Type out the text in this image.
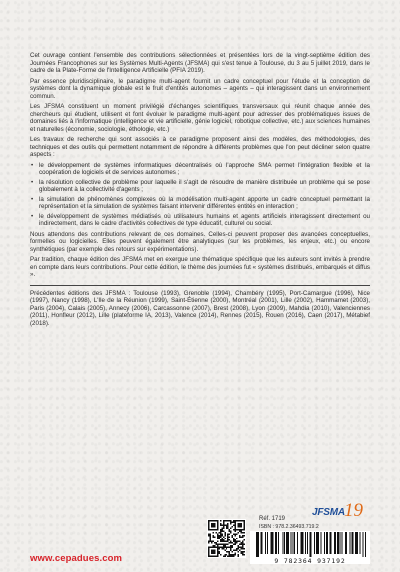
Cet ouvrage contient l'ensemble des contributions sélectionnées et présentées lors de la vingt-septième édition des Journées Francophones sur les Systèmes Multi-Agents (JFSMA) qui s'est tenue à Toulouse, du 3 au 5 juillet 2019, dans le cadre de la Plate-Forme de l'Intelligence Artificielle (PFIA 2019).

Par essence pluridisciplinaire, le paradigme multi-agent fournit un cadre conceptuel pour l'étude et la conception de systèmes dont la dynamique globale est le fruit d'entités autonomes – agents – qui interagissent dans un environnement commun.

Les JFSMA constituent un moment privilégié d'échanges scientifiques transversaux qui réunit chaque année des chercheurs qui étudient, utilisent et font évoluer le paradigme multi-agent pour adresser des problématiques issues de domaines liés à l'informatique (intelligence et vie artificielle, génie logiciel, robotique collective, etc.) aux sciences humaines et naturelles (économie, sociologie, éthologie, etc.)

Les travaux de recherche qui sont associés à ce paradigme proposent ainsi des modèles, des méthodologies, des techniques et des outils qui permettent notamment de répondre à différents problèmes que l'on peut décliner selon quatre aspects :

• le développement de systèmes informatiques décentralisés où l'approche SMA permet l'intégration flexible et la coopération de logiciels et de services autonomes ;
• la résolution collective de problème pour laquelle il s'agit de résoudre de manière distribuée un problème qui se pose globalement à la collectivité d'agents ;
• la simulation de phénomènes complexes où la modélisation multi-agent apporte un cadre conceptuel permettant la représentation et la simulation de systèmes faisant intervenir différentes entités en interaction ;
• le développement de systèmes médiatisés où utilisateurs humains et agents artificiels interagissent directement ou indirectement, dans le cadre d'activités collectives de type éducatif, culturel ou social.

Nous attendons des contributions relevant de ces domaines. Celles-ci peuvent proposer des avancées conceptuelles, formelles ou logicielles. Elles peuvent également être analytiques (sur les problèmes, les enjeux, etc.) ou encore synthétiques (par exemple des retours sur expérimentations).

Par tradition, chaque édition des JFSMA met en exergue une thématique spécifique que les auteurs sont invités à prendre en compte dans leurs contributions. Pour cette édition, le thème des journées fut « systèmes distribués, embarqués et diffus ».

Précédentes éditions des JFSMA : Toulouse (1993), Grenoble (1994), Chambéry (1995), Port-Camargue (1996), Nice (1997), Nancy (1998), L'Ile de la Réunion (1999), Saint-Étienne (2000), Montréal (2001), Lille (2002), Hammamet (2003), Paris (2004), Calais (2005), Annecy (2006), Carcassonne (2007), Brest (2008), Lyon (2009), Mahdia (2010), Valenciennes (2011), Honfleur (2012), Lille (plateforme IA, 2013), Valence (2014), Rennes (2015), Rouen (2016), Caen (2017), Métabief (2018).

JFSMA 19
Réf. 1719
ISBN : 978.2.36493.719.2
9 782364 937192
www.cepadues.com
